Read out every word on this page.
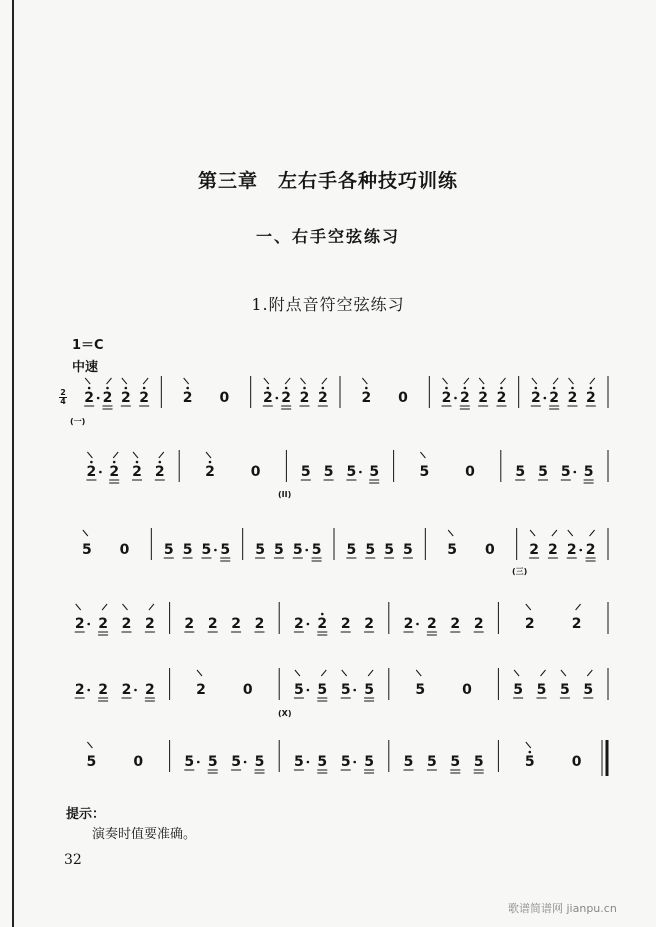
第三章　左右手各种技巧训练
一、右手空弦练习
1.附点音符空弦练习
1＝C
中速
2
4
(一)
(II)
(三)
(X)
2 2 2 2 2 0 2 2 2 2 2 0 2 2 2 2 2 2 2 2
2 2 2 2	2	0	5 5 5 5	5	0	5 5 5 5
5 0 5 5 5 5 5 5 5 5 5 5 5 5 5 0 2 2 2 2
2 2 2 2 2 2 2 2 2 2 2 2 2 2 2 2	2	2
2 2 2 2	2	0	5 5 5 5	5	0	5 5 5 5
5	0	5 5 5 5 5 5 5 5 5 5 5 5	5	0
提示：
演奏时值要准确。
32
歌谱简谱网 jianpu.cn
